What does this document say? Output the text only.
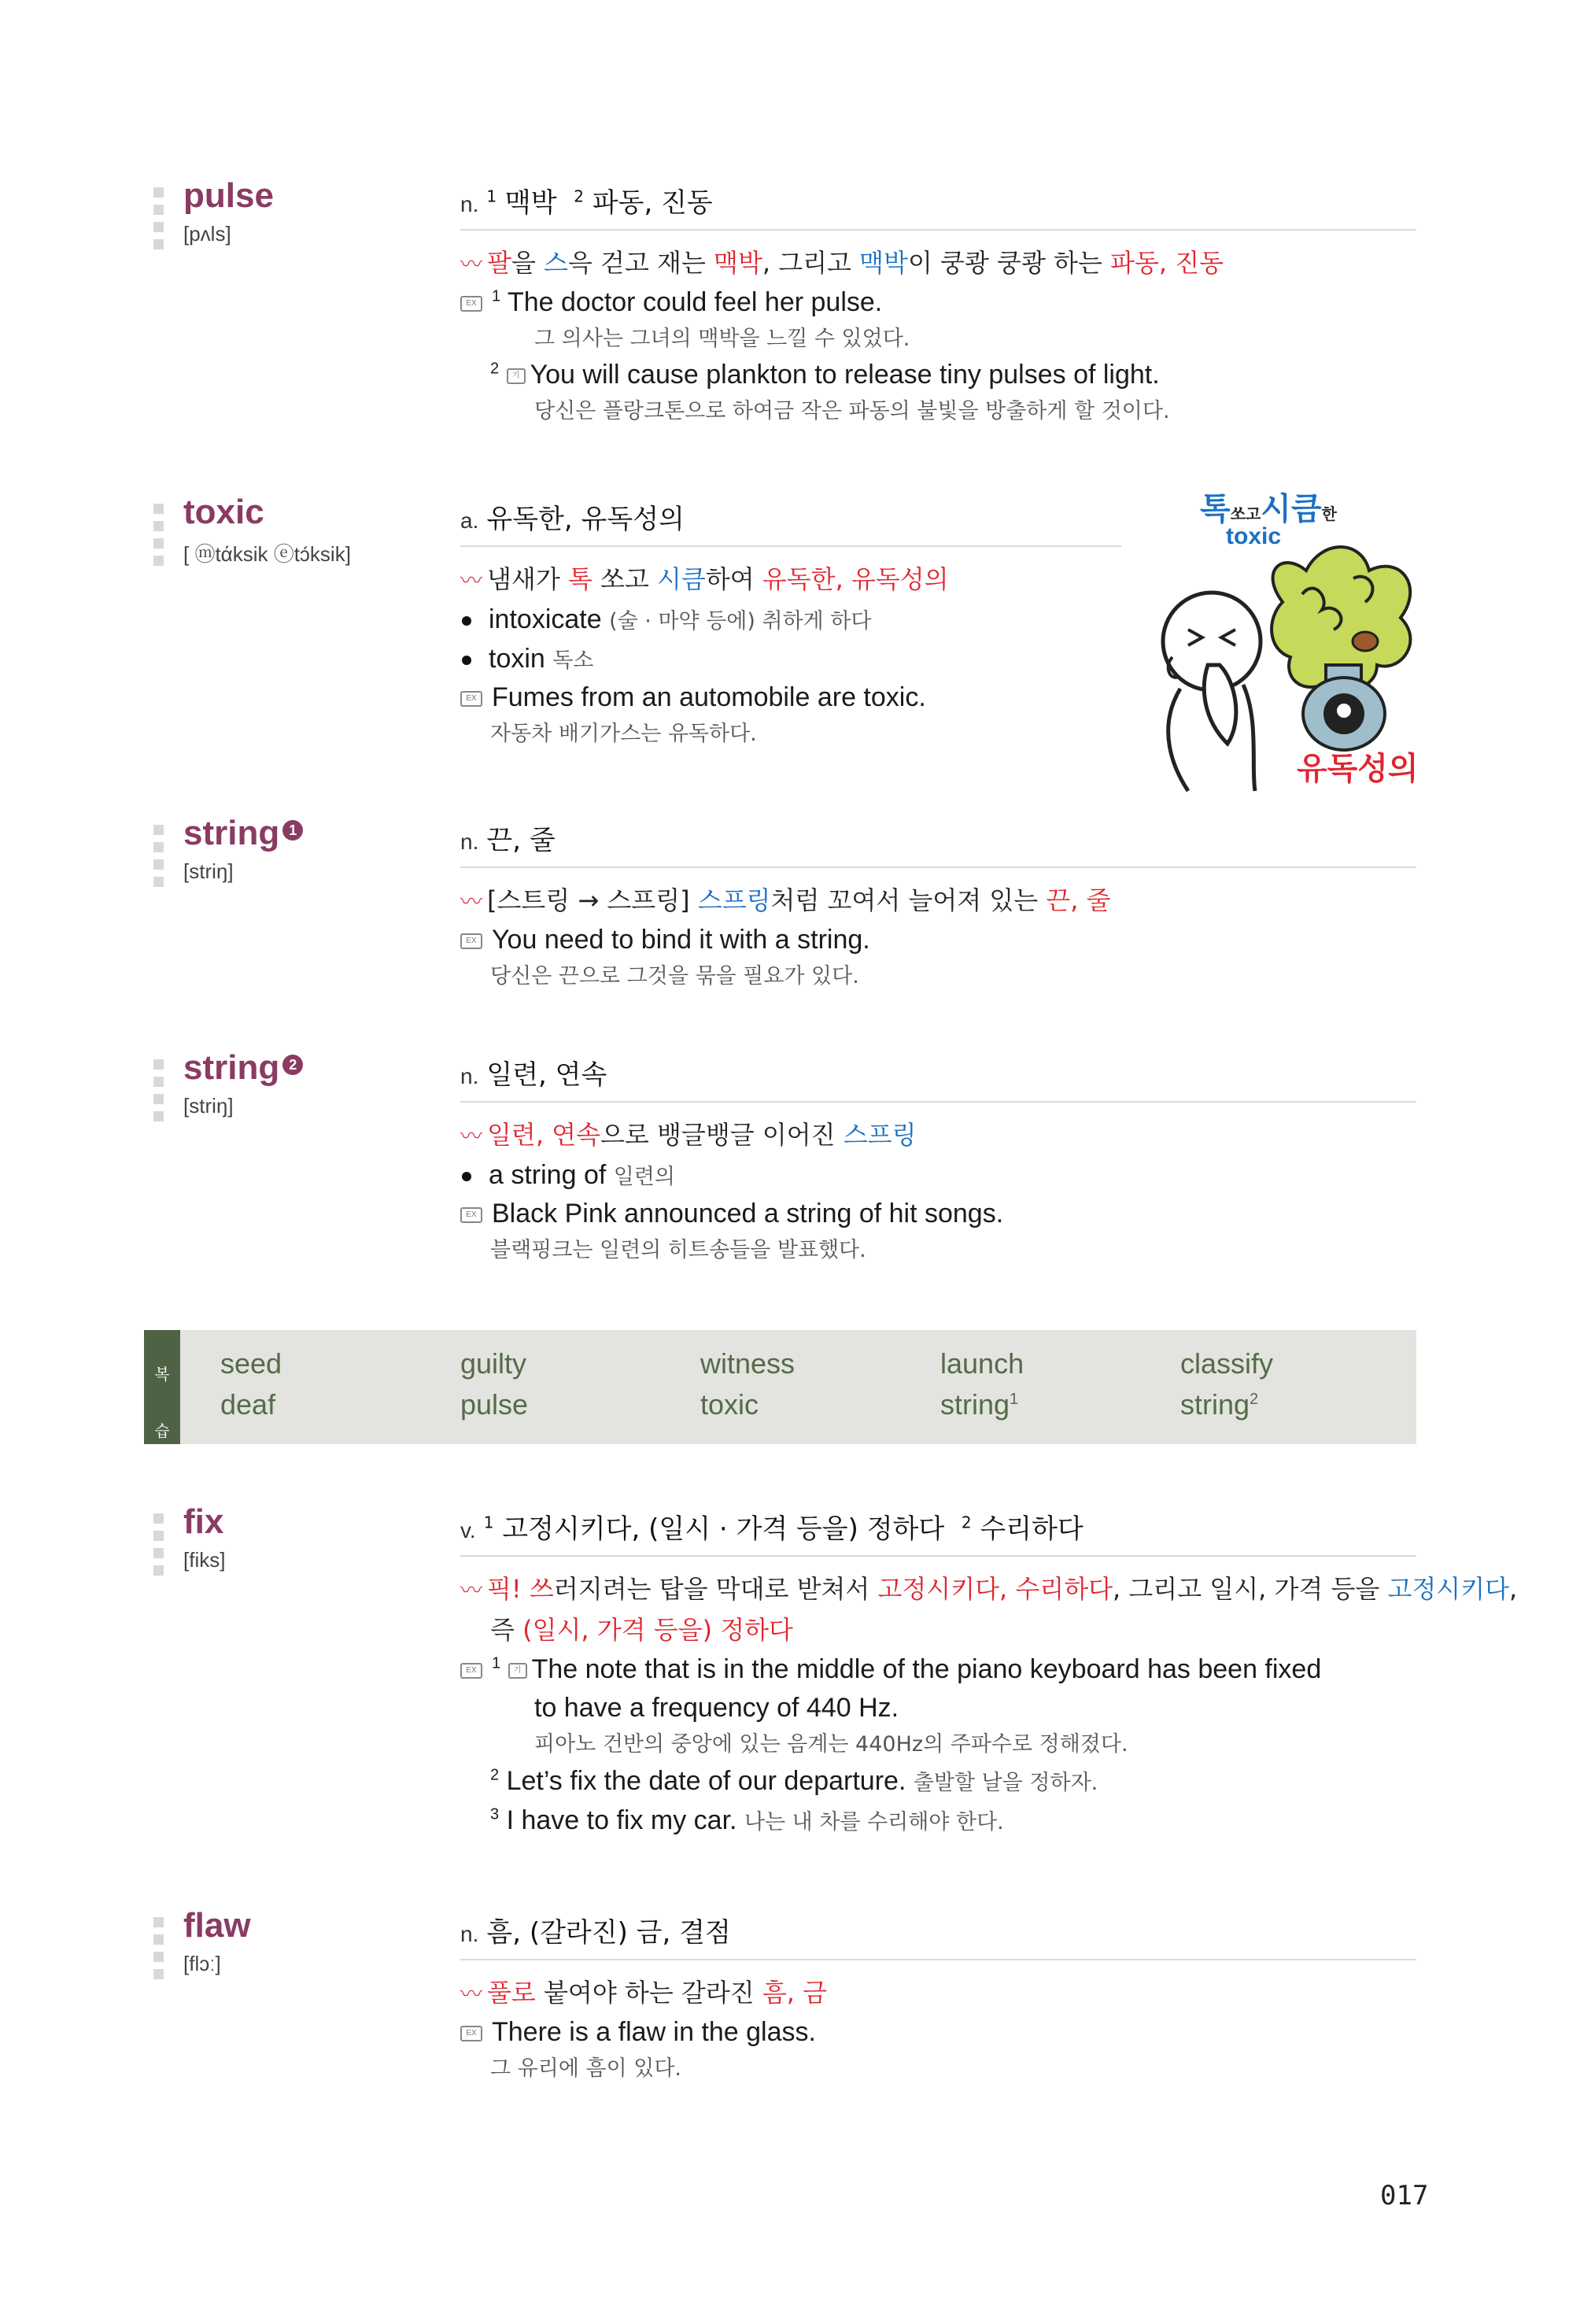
pulse
[pʌls]
n. $^1$ 맥박 $^2$ 파동, 진동
〰 팔을 스윽 걷고 재는 맥박, 그리고 맥박이 쿵쾅 쿵쾅 하는 파동, 진동
EX $^1$ The doctor could feel her pulse.
그 의사는 그녀의 맥박을 느낄 수 있었다.
$^2$ 기 You will cause plankton to release tiny pulses of light.
당신은 플랑크톤으로 하여금 작은 파동의 불빛을 방출하게 할 것이다.
toxic
[ ⓜtάksik ⓔtɔ́ksik]
a. 유독한, 유독성의
〰 냄새가 톡 쏘고 시큼하여 유독한, 유독성의
intoxicate (술 · 마약 등에) 취하게 하다
toxin 독소
EX Fumes from an automobile are toxic.
자동차 배기가스는 유독하다.
톡쏘고시큼한
toxic
유독성의
string 1
[striŋ]
n. 끈, 줄
〰 [스트링 → 스프링] 스프링처럼 꼬여서 늘어져 있는 끈, 줄
EX You need to bind it with a string.
당신은 끈으로 그것을 묶을 필요가 있다.
string 2
[striŋ]
n. 일련, 연속
〰 일련, 연속으로 뱅글뱅글 이어진 스프링
a string of 일련의
EX Black Pink announced a string of hit songs.
블랙핑크는 일련의 히트송들을 발표했다.
복
습
seed	guilty	witness	launch	classify
deaf	pulse	toxic	string$^1$	string$^2$
fix
[fiks]
v. $^1$ 고정시키다, (일시 · 가격 등을) 정하다 $^2$ 수리하다
〰 픽! 쓰러지려는 탑을 막대로 받쳐서 고정시키다, 수리하다, 그리고 일시, 가격 등을 고정시키다,
즉 (일시, 가격 등을) 정하다
EX $^1$ 기 The note that is in the middle of the piano keyboard has been fixed
to have a frequency of 440 Hz.
피아노 건반의 중앙에 있는 음계는 440Hz의 주파수로 정해졌다.
$^2$ Let’s fix the date of our departure. 출발할 날을 정하자.
$^3$ I have to fix my car. 나는 내 차를 수리해야 한다.
flaw
[flɔː]
n. 흠, (갈라진) 금, 결점
〰 풀로 붙여야 하는 갈라진 흠, 금
EX There is a flaw in the glass.
그 유리에 흠이 있다.
017
